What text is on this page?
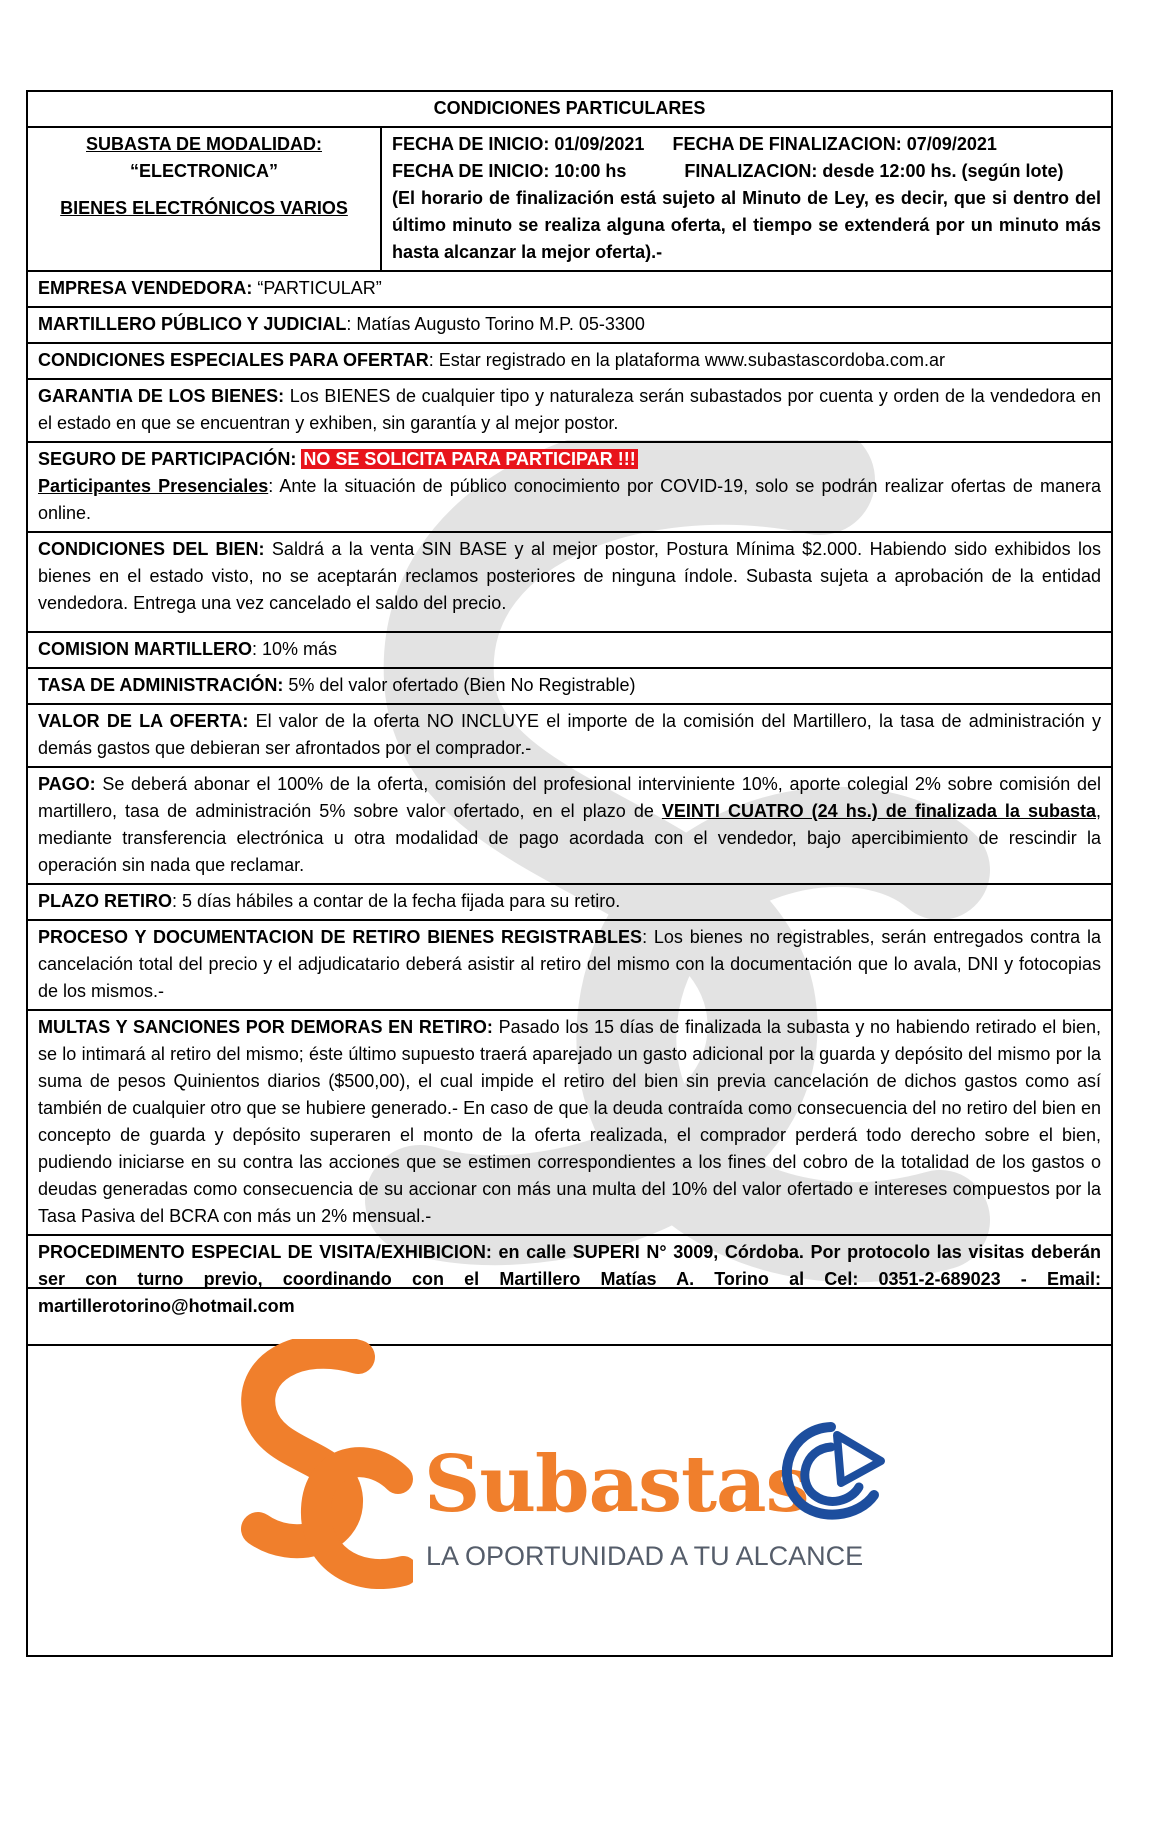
CONDICIONES PARTICULARES

SUBASTA DE MODALIDAD:
“ELECTRONICA”
BIENES ELECTRÓNICOS VARIOS

FECHA DE INICIO: 01/09/2021 FECHA DE FINALIZACION: 07/09/2021
FECHA DE INICIO: 10:00 hs	FINALIZACION: desde 12:00 hs. (según lote)
(El horario de finalización está sujeto al Minuto de Ley, es decir, que si dentro del último minuto se realiza alguna oferta, el tiempo se extenderá por un minuto más hasta alcanzar la mejor oferta).-

EMPRESA VENDEDORA: “PARTICULAR”
MARTILLERO PÚBLICO Y JUDICIAL: Matías Augusto Torino M.P. 05-3300
CONDICIONES ESPECIALES PARA OFERTAR: Estar registrado en la plataforma www.subastascordoba.com.ar
GARANTIA DE LOS BIENES: Los BIENES de cualquier tipo y naturaleza serán subastados por cuenta y orden de la vendedora en el estado en que se encuentran y exhiben, sin garantía y al mejor postor.

SEGURO DE PARTICIPACIÓN: NO SE SOLICITA PARA PARTICIPAR !!!
Participantes Presenciales: Ante la situación de público conocimiento por COVID-19, solo se podrán realizar ofertas de manera online.

CONDICIONES DEL BIEN: Saldrá a la venta SIN BASE y al mejor postor, Postura Mínima $2.000. Habiendo sido exhibidos los bienes en el estado visto, no se aceptarán reclamos posteriores de ninguna índole. Subasta sujeta a aprobación de la entidad vendedora. Entrega una vez cancelado el saldo del precio.
COMISION MARTILLERO: 10% más
TASA DE ADMINISTRACIÓN: 5% del valor ofertado (Bien No Registrable)
VALOR DE LA OFERTA: El valor de la oferta NO INCLUYE el importe de la comisión del Martillero, la tasa de administración y demás gastos que debieran ser afrontados por el comprador.-
PAGO: Se deberá abonar el 100% de la oferta, comisión del profesional interviniente 10%, aporte colegial 2% sobre comisión del martillero, tasa de administración 5% sobre valor ofertado, en el plazo de VEINTI CUATRO (24 hs.) de finalizada la subasta, mediante transferencia electrónica u otra modalidad de pago acordada con el vendedor, bajo apercibimiento de rescindir la operación sin nada que reclamar.
PLAZO RETIRO: 5 días hábiles a contar de la fecha fijada para su retiro.
PROCESO Y DOCUMENTACION DE RETIRO BIENES REGISTRABLES: Los bienes no registrables, serán entregados contra la cancelación total del precio y el adjudicatario deberá asistir al retiro del mismo con la documentación que lo avala, DNI y fotocopias de los mismos.-
MULTAS Y SANCIONES POR DEMORAS EN RETIRO: Pasado los 15 días de finalizada la subasta y no habiendo retirado el bien, se lo intimará al retiro del mismo; éste último supuesto traerá aparejado un gasto adicional por la guarda y depósito del mismo por la suma de pesos Quinientos diarios ($500,00), el cual impide el retiro del bien sin previa cancelación de dichos gastos como así también de cualquier otro que se hubiere generado.- En caso de que la deuda contraída como consecuencia del no retiro del bien en concepto de guarda y depósito superaren el monto de la oferta realizada, el comprador perderá todo derecho sobre el bien, pudiendo iniciarse en su contra las acciones que se estimen correspondientes a los fines del cobro de la totalidad de los gastos o deudas generadas como consecuencia de su accionar con más una multa del 10% del valor ofertado e intereses compuestos por la Tasa Pasiva del BCRA con más un 2% mensual.-
PROCEDIMENTO ESPECIAL DE VISITA/EXHIBICION: en calle SUPERI N° 3009, Córdoba. Por protocolo las visitas deberán ser con turno previo, coordinando con el Martillero Matías A. Torino al Cel: 0351-2-689023 - Email: martillerotorino@hotmail.com
Subastas
LA OPORTUNIDAD A TU ALCANCE
